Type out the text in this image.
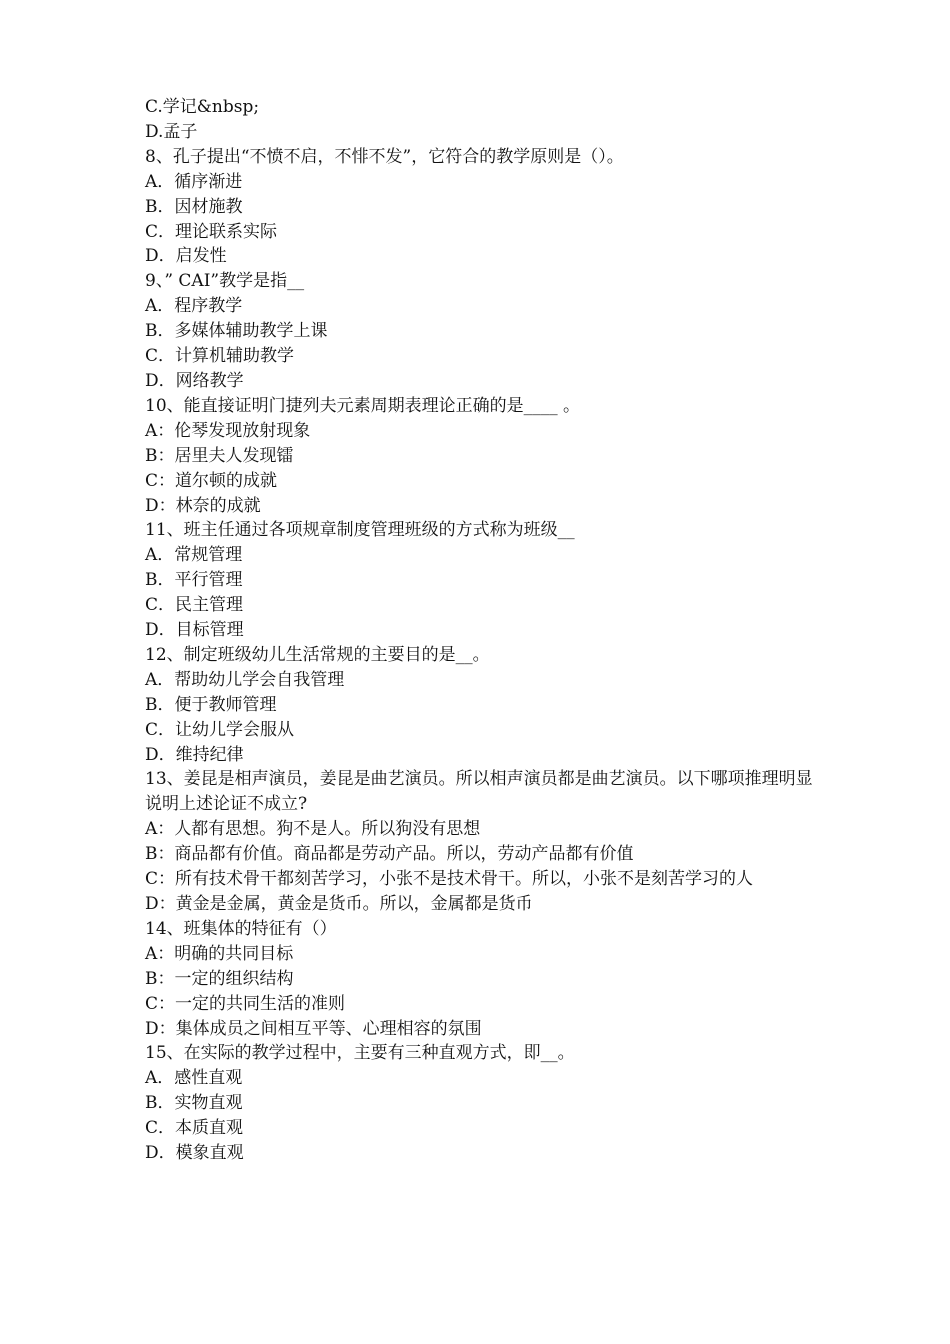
C.学记&nbsp;

D.孟子

8、孔子提出“不愤不启，不悱不发”，它符合的教学原则是（）。

A．循序渐进

B．因材施教

C．理论联系实际

D．启发性

9、” CAI”教学是指__

A．程序教学

B．多媒体辅助教学上课

C．计算机辅助教学

D．网络教学

10、能直接证明门捷列夫元素周期表理论正确的是____ 。

A：伦琴发现放射现象

B：居里夫人发现镭

C：道尔顿的成就

D：林奈的成就

11、班主任通过各项规章制度管理班级的方式称为班级__

A．常规管理

B．平行管理

C．民主管理

D．目标管理

12、制定班级幼儿生活常规的主要目的是__。

A．帮助幼儿学会自我管理

B．便于教师管理

C．让幼儿学会服从

D．维持纪律

13、姜昆是相声演员，姜昆是曲艺演员。所以相声演员都是曲艺演员。以下哪项推理明显说明上述论证不成立?

A：人都有思想。狗不是人。所以狗没有思想

B：商品都有价值。商品都是劳动产品。所以，劳动产品都有价值

C：所有技术骨干都刻苦学习，小张不是技术骨干。所以，小张不是刻苦学习的人

D：黄金是金属，黄金是货币。所以，金属都是货币

14、班集体的特征有（）

A：明确的共同目标

B：一定的组织结构

C：一定的共同生活的准则

D：集体成员之间相互平等、心理相容的氛围

15、在实际的教学过程中，主要有三种直观方式，即__。

A．感性直观

B．实物直观

C．本质直观

D．模象直观
